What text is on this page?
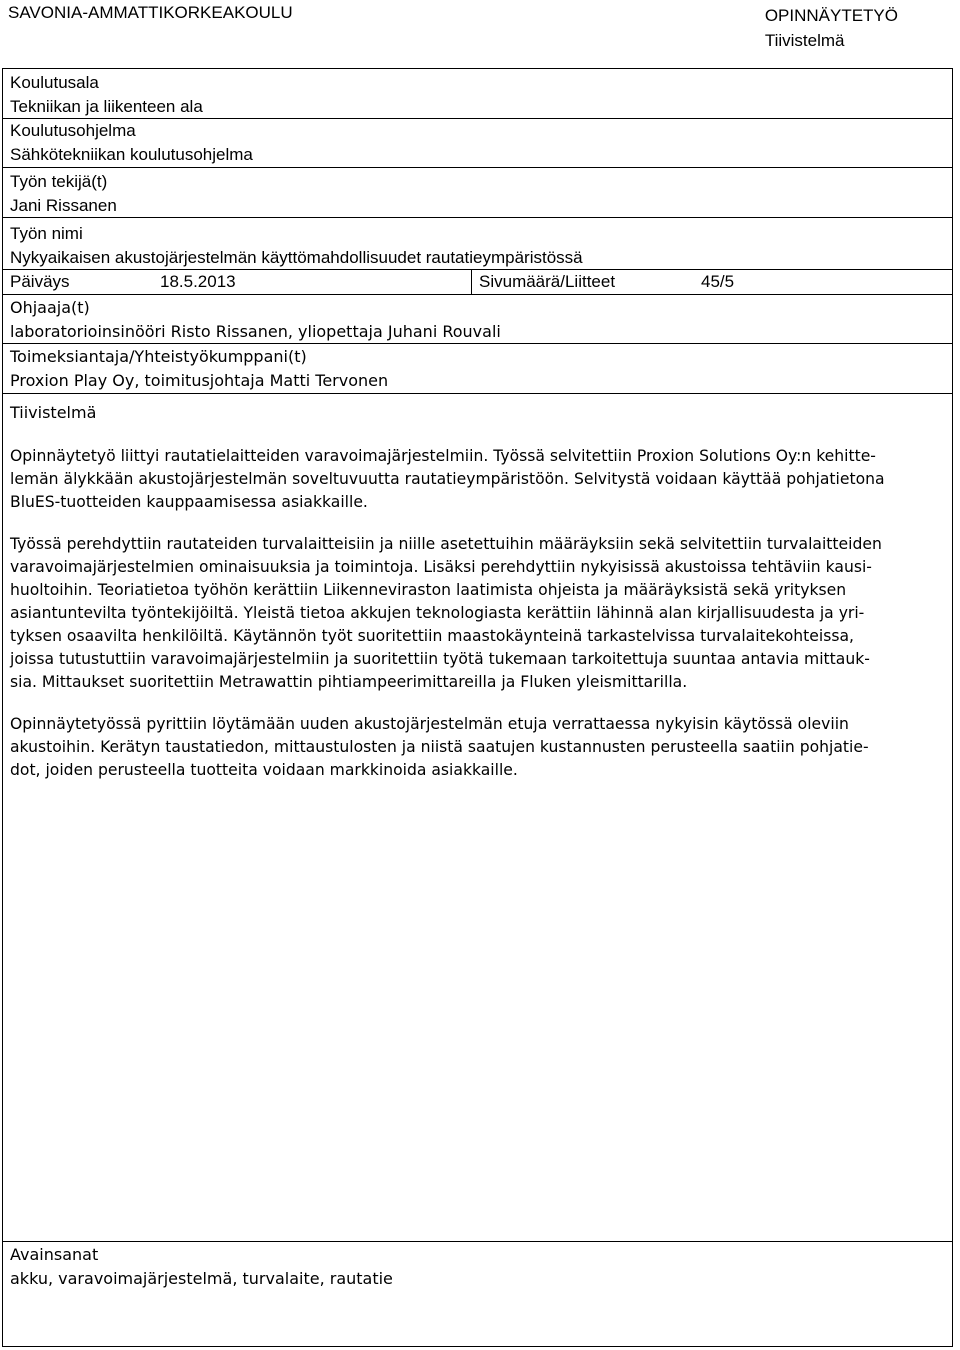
SAVONIA-AMMATTIKORKEAKOULU	OPINNÄYTETYÖ
Tiivistelmä
Koulutusala
Tekniikan ja liikenteen ala
Koulutusohjelma
Sähkötekniikan koulutusohjelma
Työn tekijä(t)
Jani Rissanen
Työn nimi
Nykyaikaisen akustojärjestelmän käyttömahdollisuudet rautatieympäristössä
Päiväys	18.5.2013	Sivumäärä/Liitteet	45/5
Ohjaaja(t)
laboratorioinsinööri Risto Rissanen, yliopettaja Juhani Rouvali
Toimeksiantaja/Yhteistyökumppani(t)
Proxion Play Oy, toimitusjohtaja Matti Tervonen
Tiivistelmä

Opinnäytetyö liittyi rautatielaitteiden varavoimajärjestelmiin. Työssä selvitettiin Proxion Solutions Oy:n kehitte-
lemän älykkään akustojärjestelmän soveltuvuutta rautatieympäristöön. Selvitystä voidaan käyttää pohjatietona
BluES-tuotteiden kauppaamisessa asiakkaille.

Työssä perehdyttiin rautateiden turvalaitteisiin ja niille asetettuihin määräyksiin sekä selvitettiin turvalaitteiden
varavoimajärjestelmien ominaisuuksia ja toimintoja. Lisäksi perehdyttiin nykyisissä akustoissa tehtäviin kausi-
huoltoihin. Teoriatietoa työhön kerättiin Liikenneviraston laatimista ohjeista ja määräyksistä sekä yrityksen
asiantuntevilta työntekijöiltä. Yleistä tietoa akkujen teknologiasta kerättiin lähinnä alan kirjallisuudesta ja yri-
tyksen osaavilta henkilöiltä. Käytännön työt suoritettiin maastokäynteinä tarkastelvissa turvalaitekohteissa,
joissa tutustuttiin varavoimajärjestelmiin ja suoritettiin työtä tukemaan tarkoitettuja suuntaa antavia mittauk-
sia. Mittaukset suoritettiin Metrawattin pihtiampeerimittareilla ja Fluken yleismittarilla.

Opinnäytetyössä pyrittiin löytämään uuden akustojärjestelmän etuja verrattaessa nykyisin käytössä oleviin
akustoihin. Kerätyn taustatiedon, mittaustulosten ja niistä saatujen kustannusten perusteella saatiin pohjatie-
dot, joiden perusteella tuotteita voidaan markkinoida asiakkaille.

Avainsanat
akku, varavoimajärjestelmä, turvalaite, rautatie
